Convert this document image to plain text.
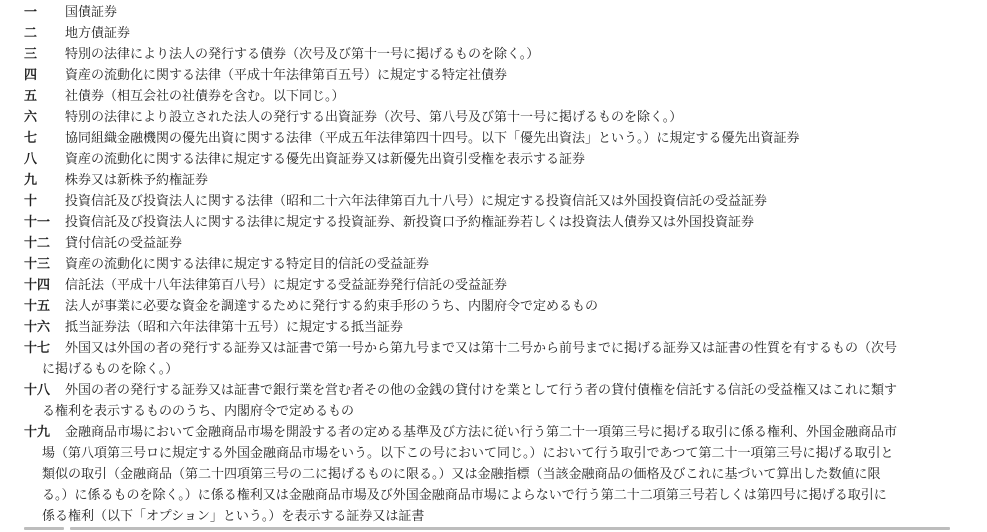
一 国債証券
二 地方債証券
三 特別の法律により法人の発行する債券（次号及び第十一号に掲げるものを除く。）
四 資産の流動化に関する法律（平成十年法律第百五号）に規定する特定社債券
五 社債券（相互会社の社債券を含む。以下同じ。）
六 特別の法律により設立された法人の発行する出資証券（次号、第八号及び第十一号に掲げるものを除く。）
七 協同組織金融機関の優先出資に関する法律（平成五年法律第四十四号。以下「優先出資法」という。）に規定する優先出資証券
八 資産の流動化に関する法律に規定する優先出資証券又は新優先出資引受権を表示する証券
九 株券又は新株予約権証券
十 投資信託及び投資法人に関する法律（昭和二十六年法律第百九十八号）に規定する投資信託又は外国投資信託の受益証券
十一 投資信託及び投資法人に関する法律に規定する投資証券、新投資口予約権証券若しくは投資法人債券又は外国投資証券
十二 貸付信託の受益証券
十三 資産の流動化に関する法律に規定する特定目的信託の受益証券
十四 信託法（平成十八年法律第百八号）に規定する受益証券発行信託の受益証券
十五 法人が事業に必要な資金を調達するために発行する約束手形のうち、内閣府令で定めるもの
十六 抵当証券法（昭和六年法律第十五号）に規定する抵当証券
十七 外国又は外国の者の発行する証券又は証書で第一号から第九号まで又は第十二号から前号までに掲げる証券又は証書の性質を有するもの（次号
に掲げるものを除く。）
十八 外国の者の発行する証券又は証書で銀行業を営む者その他の金銭の貸付けを業として行う者の貸付債権を信託する信託の受益権又はこれに類す
る権利を表示するもののうち、内閣府令で定めるもの
十九 金融商品市場において金融商品市場を開設する者の定める基準及び方法に従い行う第二十一項第三号に掲げる取引に係る権利、外国金融商品市
場（第八項第三号ロに規定する外国金融商品市場をいう。以下この号において同じ。）において行う取引であつて第二十一項第三号に掲げる取引と
類似の取引（金融商品（第二十四項第三号の二に掲げるものに限る。）又は金融指標（当該金融商品の価格及びこれに基づいて算出した数値に限
る。）に係るものを除く。）に係る権利又は金融商品市場及び外国金融商品市場によらないで行う第二十二項第三号若しくは第四号に掲げる取引に
係る権利（以下「オプション」という。）を表示する証券又は証書
